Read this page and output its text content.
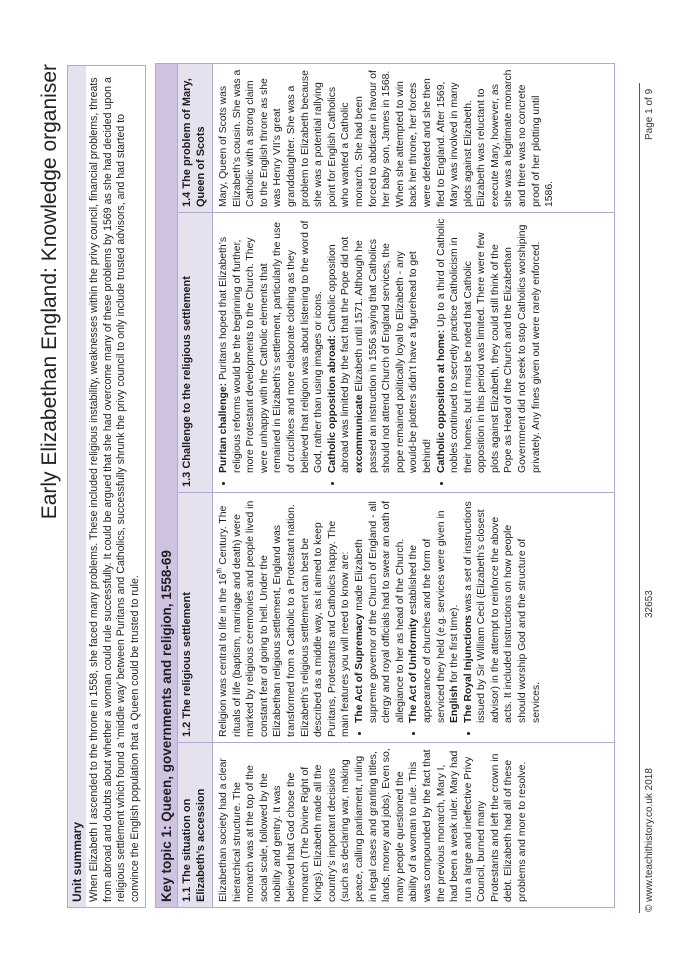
Early Elizabethan England: Knowledge organiser
Unit summary When Elizabeth I ascended to the throne in 1558, she faced many problems. These included religious instability, weaknesses within the privy council, financial problems, threats from abroad and doubts about whether a woman could rule successfully. It could be argued that she had overcome many of these problems by 1569 as she had decided upon a religious settlement which found a ‘middle way’ between Puritans and Catholics, successfully shrunk the privy council to only include trusted advisors, and had started to convince the English population that a Queen could be trusted to rule. Key topic 1: Queen, governments and religion, 1558-69 1.1 The situation on Elizabeth’s accession	Elizabethan society had a clear hierarchical structure. The monarch was at the top of the social scale, followed by the nobility and gentry. It was believed that God chose the monarch (The Divine Right of Kings). Elizabeth made all the country’s important decisions (such as declaring war, making peace, calling parliament, ruling in legal cases and granting titles, lands, money and jobs). Even so, many people questioned the ability of a woman to rule. This was compounded by the fact that the previous monarch, Mary I, had been a weak ruler. Mary had run a large and ineffective Privy Council, burned many Protestants and left the crown in debt. Elizabeth had all of these problems and more to resolve.

1.2 The religious settlement	Religion was central to life in the 16th Century. The rituals of life (baptism, marriage and death) were marked by religious ceremonies and people lived in constant fear of going to hell. Under the Elizabethan religious settlement, England was transformed from a Catholic to a Protestant nation. Elizabeth’s religious settlement can best be described as a middle way, as it aimed to keep Puritans, Protestants and Catholics happy. The main features you will need to know are: • The Act of Supremacy made Elizabeth supreme governor of the Church of England - all clergy and royal officials had to swear an oath of allegiance to her as head of the Church. • The Act of Uniformity established the appearance of churches and the form of serviced they held (e.g. services were given in English for the first time). • The Royal Injunctions was a set of instructions issued by Sir William Cecil (Elizabeth’s closest advisor) in the attempt to reinforce the above acts. It included instructions on how people should worship God and the structure of services.
1.3 Challenge to the religious settlement	• Puritan challenge: Puritans hoped that Elizabeth’s religious reforms would be the beginning of further, more Protestant developments to the Church. They were unhappy with the Catholic elements that remained in Elizabeth’s settlement, particularly the use of crucifixes and more elaborate clothing as they believed that religion was about listening to the word of God, rather than using images or icons. • Catholic opposition abroad: Catholic opposition abroad was limited by the fact that the Pope did not excommunicate Elizabeth until 1571. Although he passed an instruction in 1556 saying that Catholics should not attend Church of England services, the pope remained politically loyal to Elizabeth - any would-be plotters didn’t have a figurehead to get behind! • Catholic opposition at home: Up to a third of Catholic nobles continued to secretly practice Catholicism in their homes, but it must be noted that Catholic opposition in this period was limited. There were few plots against Elizabeth, they could still think of the Pope as Head of the Church and the Elizabethan Government did not seek to stop Catholics worshiping privately. Any fines given out were rarely enforced.
1.4 The problem of Mary, Queen of Scots	Mary, Queen of Scots was Elizabeth’s cousin. She was a Catholic with a strong claim to the English throne as she was Henry VII’s great granddaughter. She was a problem to Elizabeth because she was a potential rallying point for English Catholics who wanted a Catholic monarch. She had been forced to abdicate in favour of her baby son, James in 1568. When she attempted to win back her throne, her forces were defeated and she then fled to England. After 1569, Mary was involved in many plots against Elizabeth. Elizabeth was reluctant to execute Mary, however, as she was a legitimate monarch and there was no concrete proof of her plotting until 1586.

© www.teachithistory.co.uk 2018
32653
Page 1 of 9
